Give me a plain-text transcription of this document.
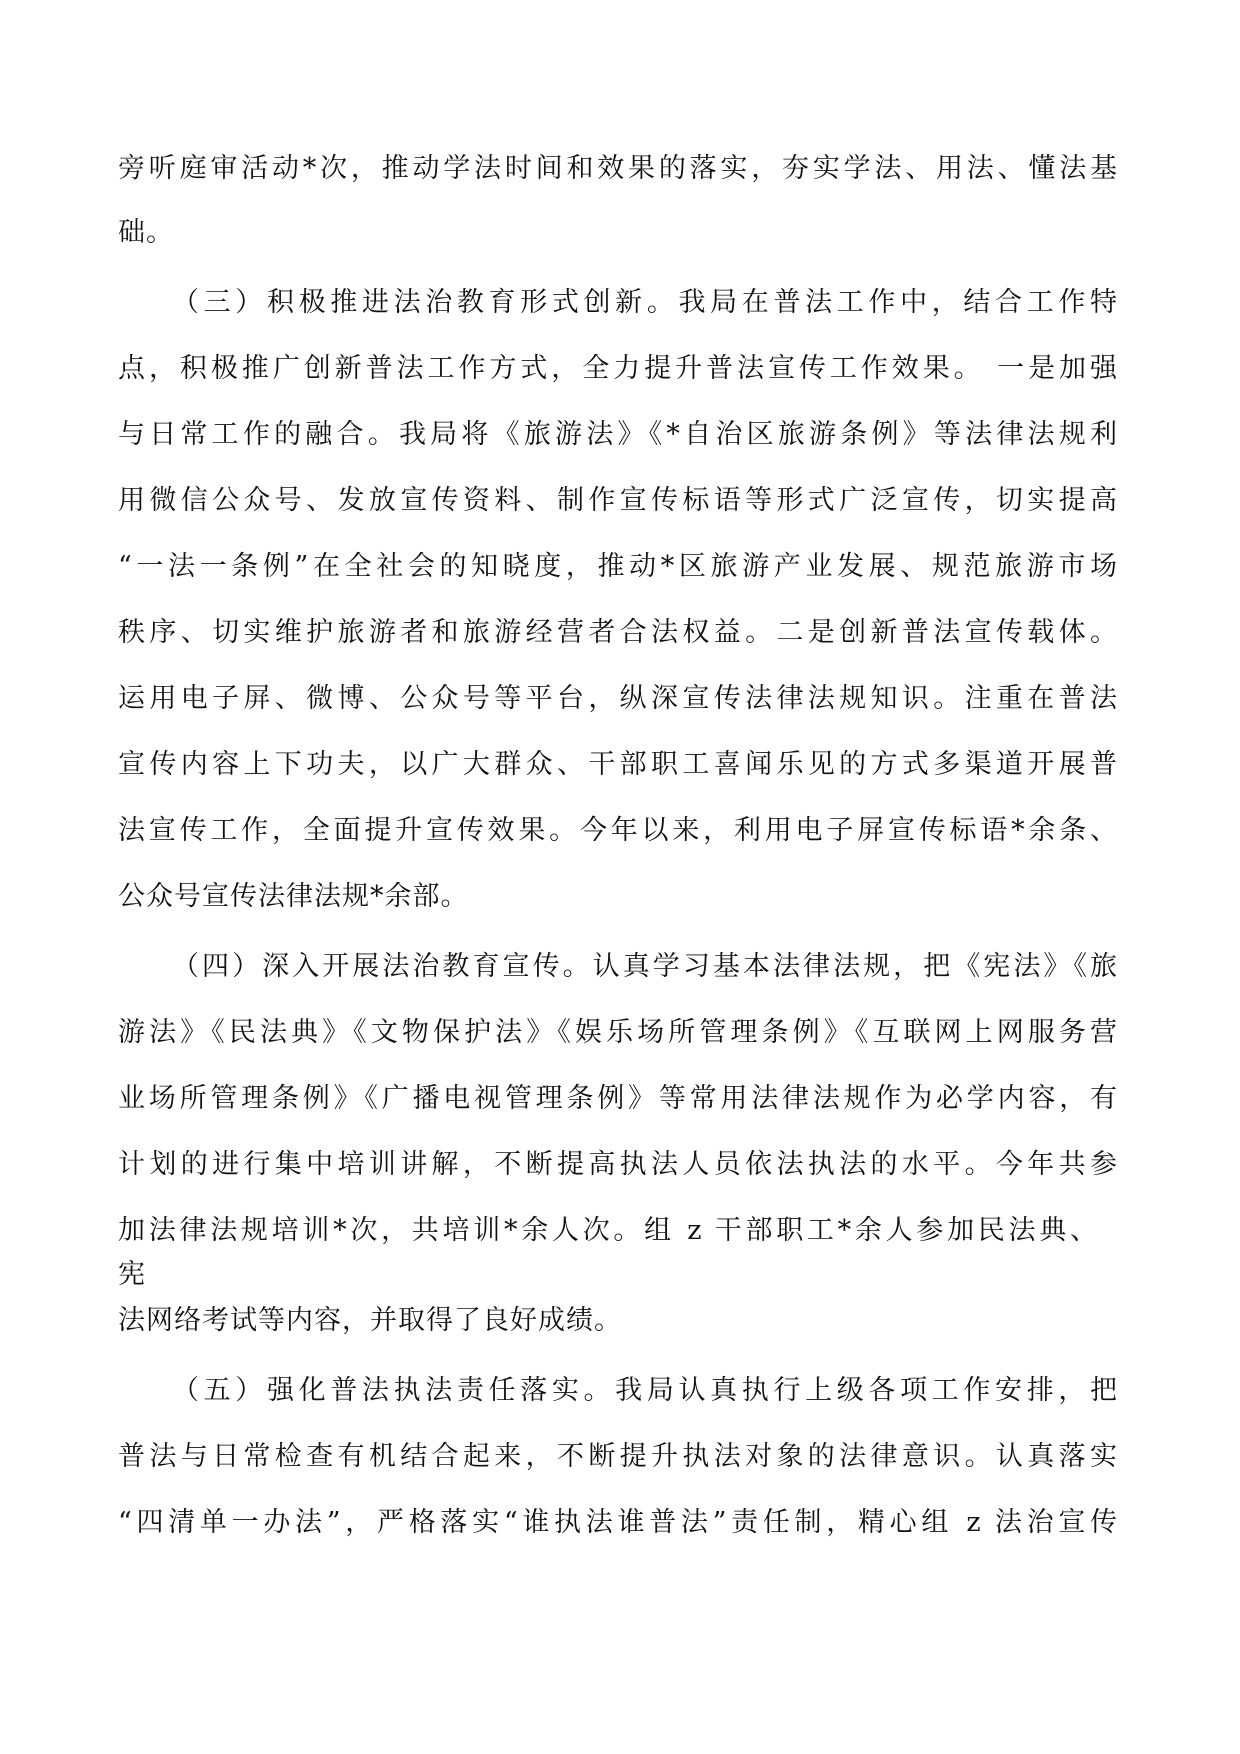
旁听庭审活动*次，推动学法时间和效果的落实，夯实学法、用法、懂法基
础。
（三）积极推进法治教育形式创新。我局在普法工作中，结合工作特
点，积极推广创新普法工作方式，全力提升普法宣传工作效果。 一是加强
与日常工作的融合。我局将《旅游法》《*自治区旅游条例》等法律法规利
用微信公众号、发放宣传资料、制作宣传标语等形式广泛宣传，切实提高
“一法一条例”在全社会的知晓度，推动*区旅游产业发展、规范旅游市场
秩序、切实维护旅游者和旅游经营者合法权益。二是创新普法宣传载体。
运用电子屏、微博、公众号等平台，纵深宣传法律法规知识。注重在普法
宣传内容上下功夫，以广大群众、干部职工喜闻乐见的方式多渠道开展普
法宣传工作，全面提升宣传效果。今年以来，利用电子屏宣传标语*余条、
公众号宣传法律法规*余部。
（四）深入开展法治教育宣传。认真学习基本法律法规，把《宪法》《旅
游法》《民法典》《文物保护法》《娱乐场所管理条例》《互联网上网服务营
业场所管理条例》《广播电视管理条例》等常用法律法规作为必学内容，有
计划的进行集中培训讲解，不断提高执法人员依法执法的水平。今年共参
加法律法规培训*次，共培训*余人次。组 z 干部职工*余人参加民法典、
宪
法网络考试等内容，并取得了良好成绩。
（五）强化普法执法责任落实。我局认真执行上级各项工作安排，把
普法与日常检查有机结合起来，不断提升执法对象的法律意识。认真落实
“四清单一办法”，严格落实“谁执法谁普法”责任制，精心组 z 法治宣传
